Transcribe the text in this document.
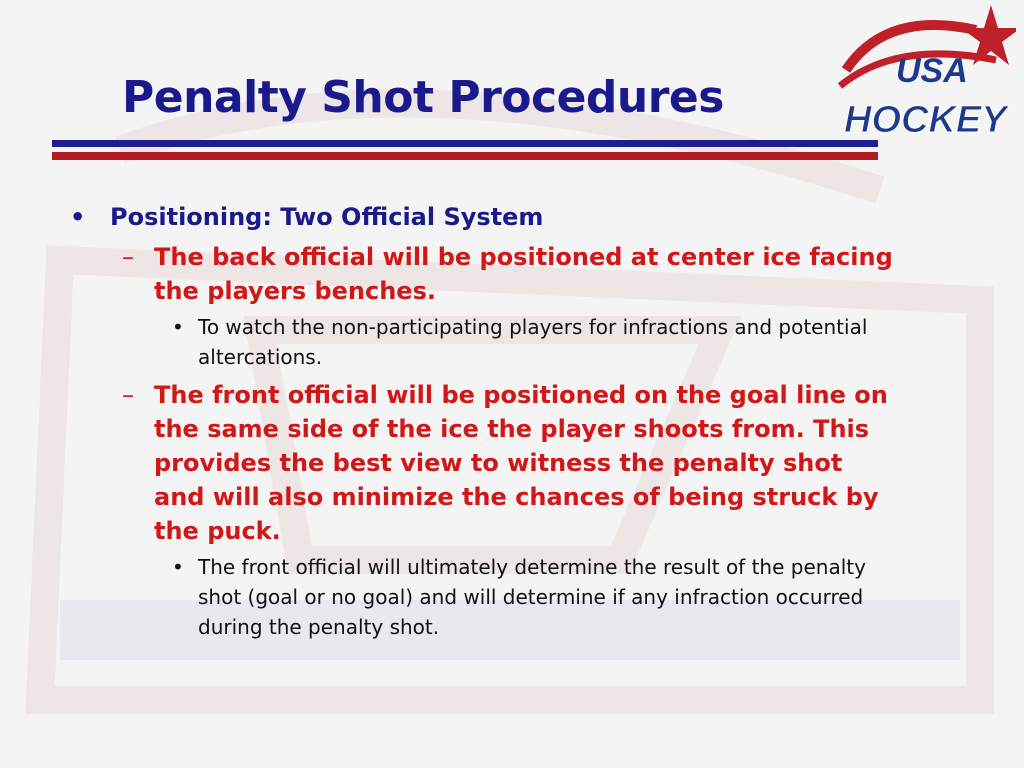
Penalty Shot Procedures
USA
HOCKEY
• Positioning: Two Official System
– The back official will be positioned at center ice facing the players benches.
• To watch the non-participating players for infractions and potential altercations.
– The front official will be positioned on the goal line on the same side of the ice the player shoots from. This provides the best view to witness the penalty shot and will also minimize the chances of being struck by the puck.
• The front official will ultimately determine the result of the penalty shot (goal or no goal) and will determine if any infraction occurred during the penalty shot.
